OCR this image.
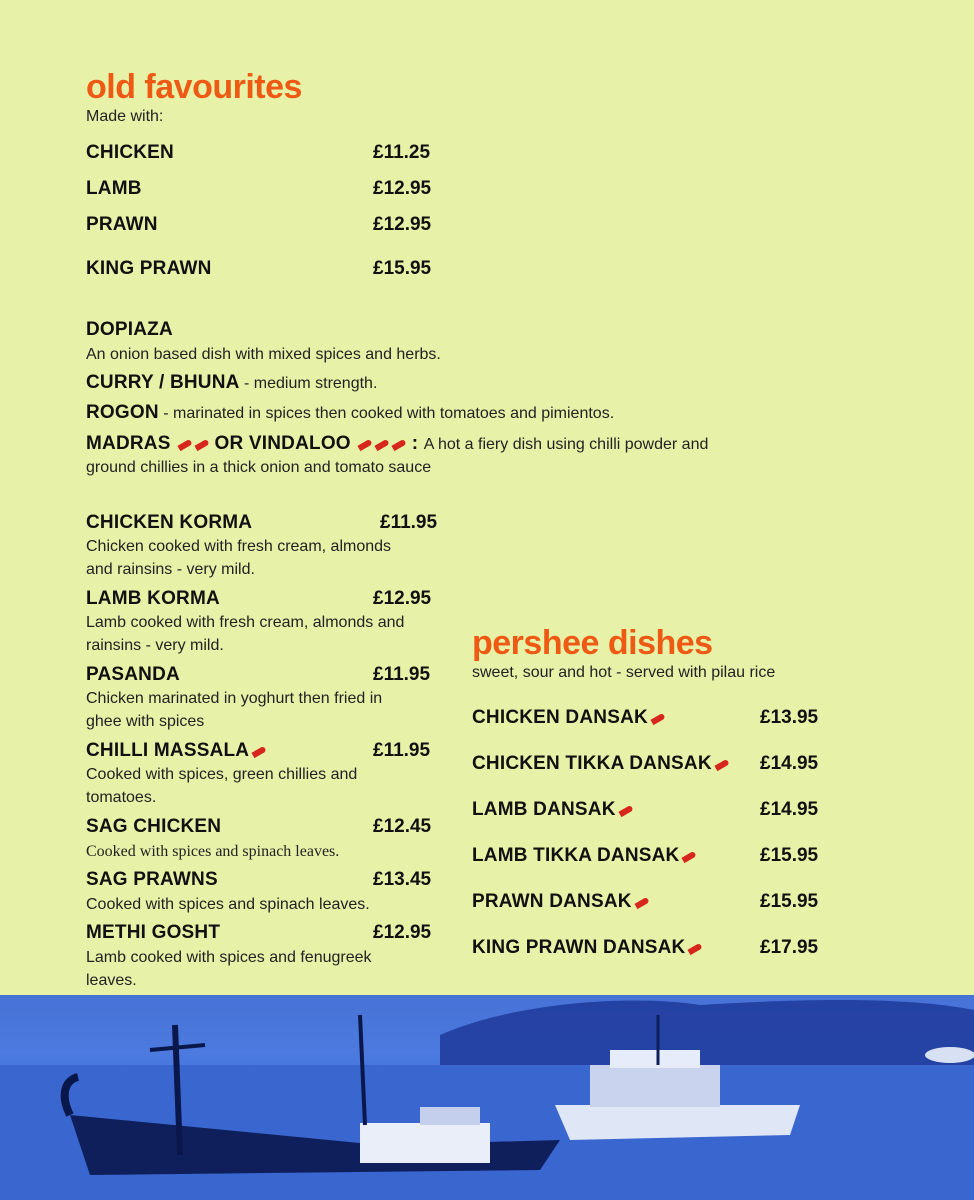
old favourites
Made with:
CHICKEN	£11.25
LAMB	£12.95
PRAWN	£12.95
KING PRAWN	£15.95
DOPIAZA
An onion based dish with mixed spices and herbs.
CURRY / BHUNA - medium strength.
ROGON - marinated in spices then cooked with tomatoes and pimientos.
MADRAS  OR VINDALOO	: A hot a fiery dish using chilli powder and
ground chillies in a thick onion and tomato sauce
CHICKEN KORMA	£11.95
Chicken cooked with fresh cream, almonds
and rainsins - very mild.
LAMB KORMA	£12.95
Lamb cooked with fresh cream, almonds and
rainsins - very mild.
PASANDA	£11.95
Chicken marinated in yoghurt then fried in
ghee with spices
CHILLI MASSALA	£11.95
Cooked with spices, green chillies and
tomatoes.
SAG CHICKEN	£12.45
Cooked with spices and spinach leaves.
SAG PRAWNS	£13.45
Cooked with spices and spinach leaves.
METHI GOSHT	£12.95
Lamb cooked with spices and fenugreek
leaves.
pershee dishes
sweet, sour and hot - served with pilau rice
CHICKEN DANSAK	£13.95
CHICKEN TIKKA DANSAK	£14.95
LAMB DANSAK	£14.95
LAMB TIKKA DANSAK	£15.95
PRAWN DANSAK	£15.95
KING PRAWN DANSAK	£17.95
